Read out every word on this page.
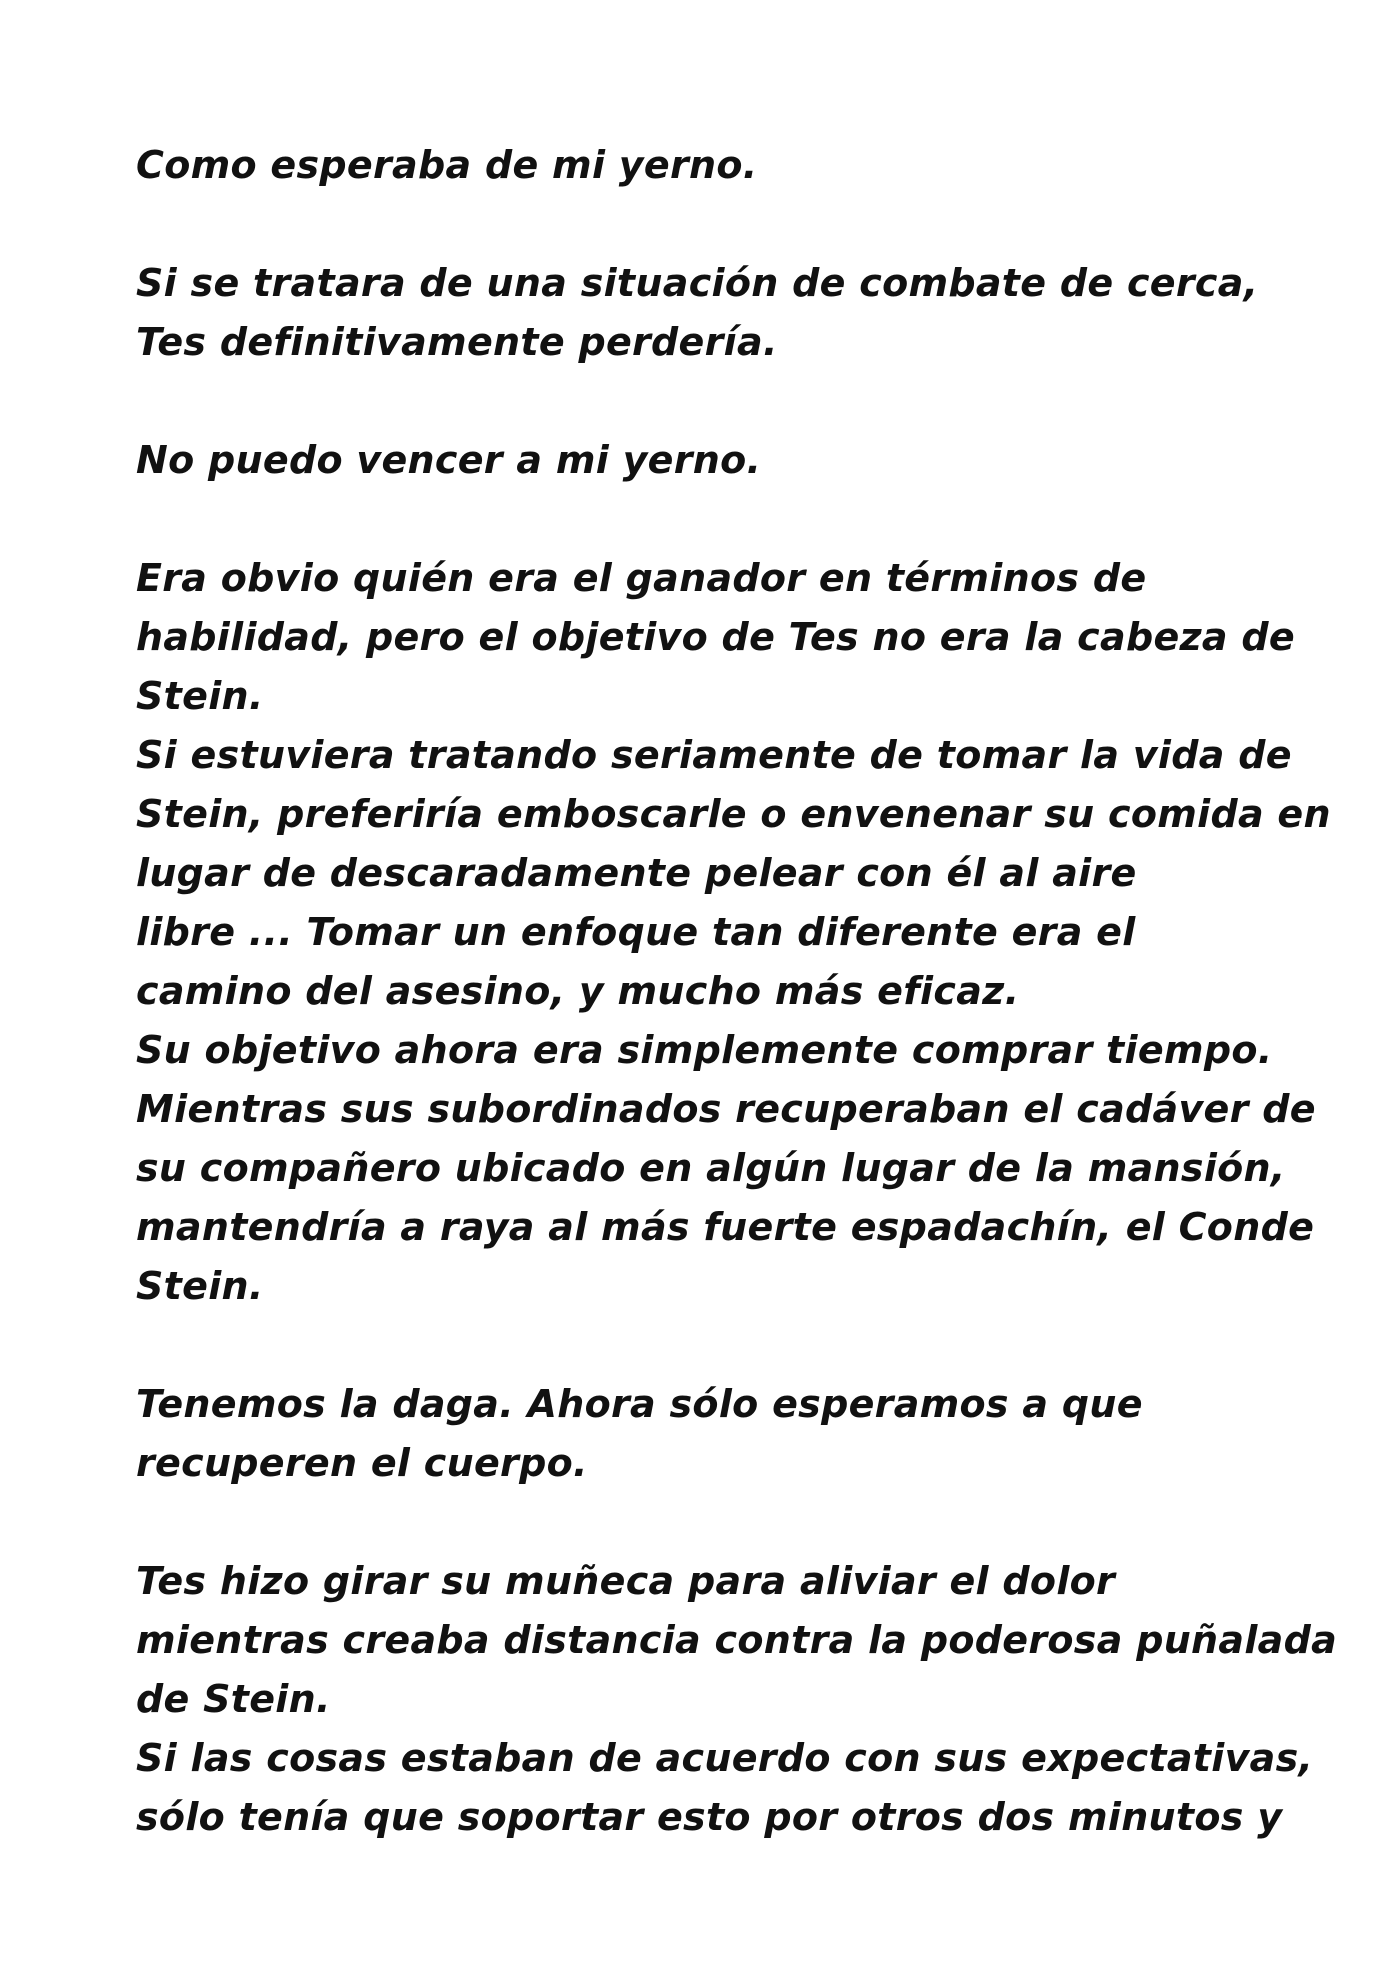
Como esperaba de mi yerno.
Si se tratara de una situación de combate de cerca,
Tes definitivamente perdería.
No puedo vencer a mi yerno.
Era obvio quién era el ganador en términos de
habilidad, pero el objetivo de Tes no era la cabeza de
Stein.
Si estuviera tratando seriamente de tomar la vida de
Stein, preferiría emboscarle o envenenar su comida en
lugar de descaradamente pelear con él al aire
libre ... Tomar un enfoque tan diferente era el
camino del asesino, y mucho más eficaz.
Su objetivo ahora era simplemente comprar tiempo.
Mientras sus subordinados recuperaban el cadáver de
su compañero ubicado en algún lugar de la mansión,
mantendría a raya al más fuerte espadachín, el Conde
Stein.
Tenemos la daga. Ahora sólo esperamos a que
recuperen el cuerpo.
Tes hizo girar su muñeca para aliviar el dolor
mientras creaba distancia contra la poderosa puñalada
de Stein.
Si las cosas estaban de acuerdo con sus expectativas,
sólo tenía que soportar esto por otros dos minutos y
